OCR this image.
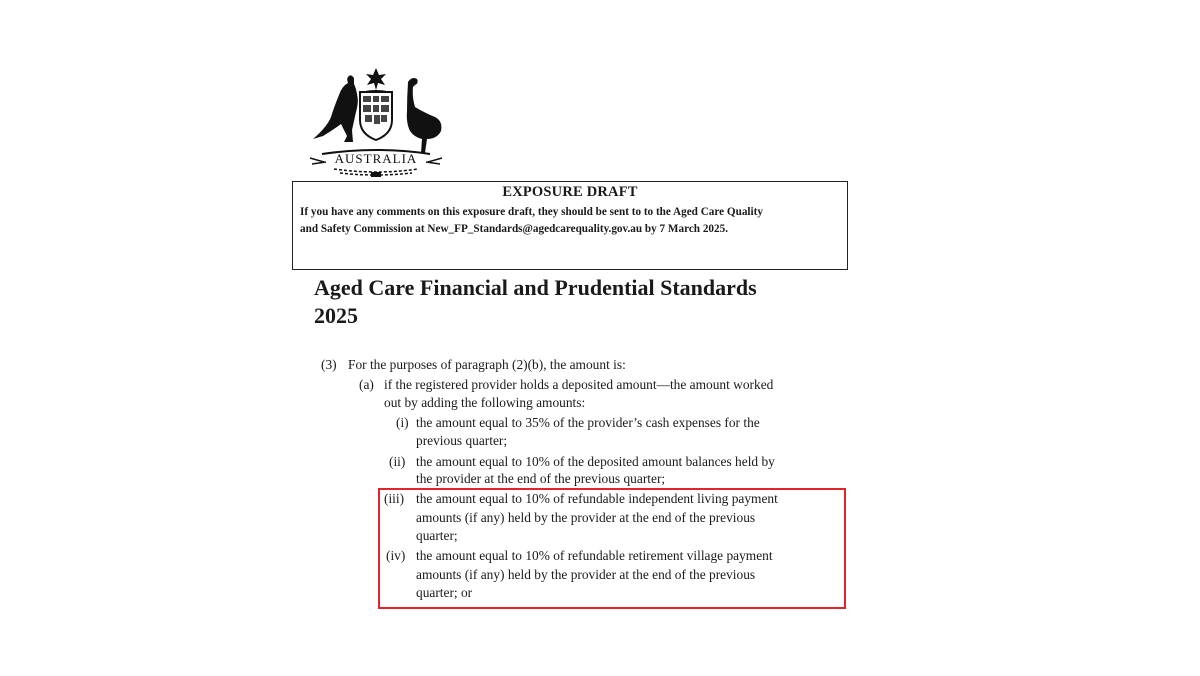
AUSTRALIA
EXPOSURE DRAFT
If you have any comments on this exposure draft, they should be sent to to the Aged Care Quality
and Safety Commission at New_FP_Standards@agedcarequality.gov.au by 7 March 2025.
Aged Care Financial and Prudential Standards
2025
(3) For the purposes of paragraph (2)(b), the amount is:
(a) if the registered provider holds a deposited amount—the amount worked
out by adding the following amounts:
(i) the amount equal to 35% of the provider’s cash expenses for the
previous quarter;
(ii) the amount equal to 10% of the deposited amount balances held by
the provider at the end of the previous quarter;
(iii) the amount equal to 10% of refundable independent living payment
amounts (if any) held by the provider at the end of the previous
quarter;
(iv) the amount equal to 10% of refundable retirement village payment
amounts (if any) held by the provider at the end of the previous
quarter; or
